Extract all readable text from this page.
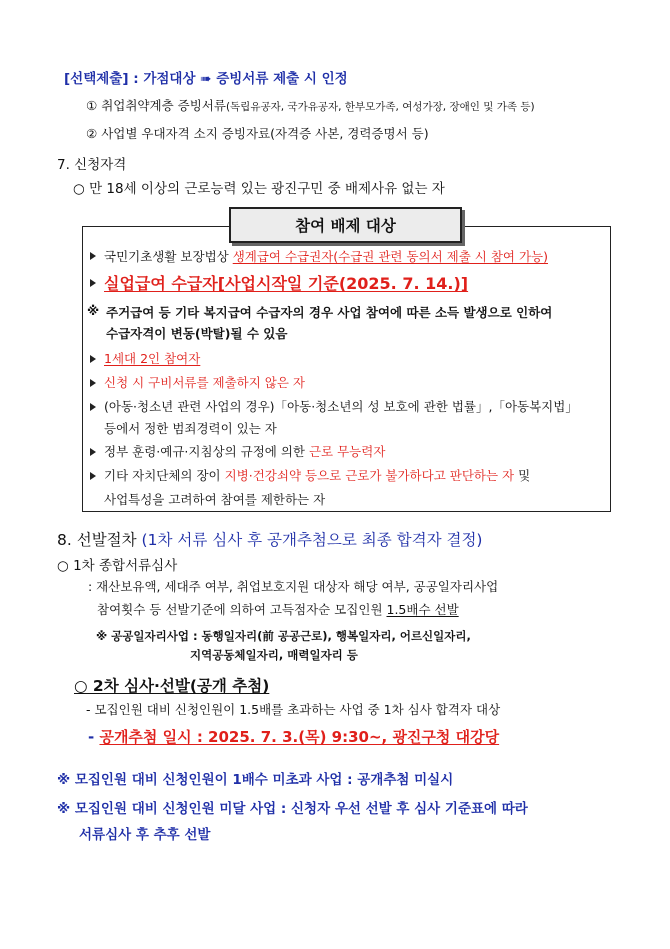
[선택제출] : 가점대상 ➠ 증빙서류 제출 시 인정
① 취업취약계층 증빙서류(독립유공자, 국가유공자, 한부모가족, 여성가장, 장애인 및 가족 등)
② 사업별 우대자격 소지 증빙자료(자격증 사본, 경력증명서 등)
7. 신청자격
○ 만 18세 이상의 근로능력 있는 광진구민 중 배제사유 없는 자
참여 배제 대상
국민기초생활 보장법상 생계급여 수급권자(수급권 관련 동의서 제출 시 참여 가능)
실업급여 수급자[사업시작일 기준(2025. 7. 14.)]
※ 주거급여 등 기타 복지급여 수급자의 경우 사업 참여에 따른 소득 발생으로 인하여
수급자격이 변동(박탈)될 수 있음
1세대 2인 참여자
신청 시 구비서류를 제출하지 않은 자
(아동·청소년 관련 사업의 경우)「아동·청소년의 성 보호에 관한 법률」,「아동복지법」
등에서 정한 범죄경력이 있는 자
정부 훈령·예규·지침상의 규정에 의한 근로 무능력자
기타 자치단체의 장이 지병·건강쇠약 등으로 근로가 불가하다고 판단하는 자 및
사업특성을 고려하여 참여를 제한하는 자
8. 선발절차 (1차 서류 심사 후 공개추첨으로 최종 합격자 결정)
○ 1차 종합서류심사
: 재산보유액, 세대주 여부, 취업보호지원 대상자 해당 여부, 공공일자리사업
참여횟수 등 선발기준에 의하여 고득점자순 모집인원 1.5배수 선발
※ 공공일자리사업 : 동행일자리(前 공공근로), 행복일자리, 어르신일자리,
지역공동체일자리, 매력일자리 등
○ 2차 심사·선발(공개 추첨)
- 모집인원 대비 신청인원이 1.5배를 초과하는 사업 중 1차 심사 합격자 대상
- 공개추첨 일시 : 2025. 7. 3.(목) 9:30~, 광진구청 대강당
※ 모집인원 대비 신청인원이 1배수 미초과 사업 : 공개추첨 미실시
※ 모집인원 대비 신청인원 미달 사업 : 신청자 우선 선발 후 심사 기준표에 따라
서류심사 후 추후 선발
